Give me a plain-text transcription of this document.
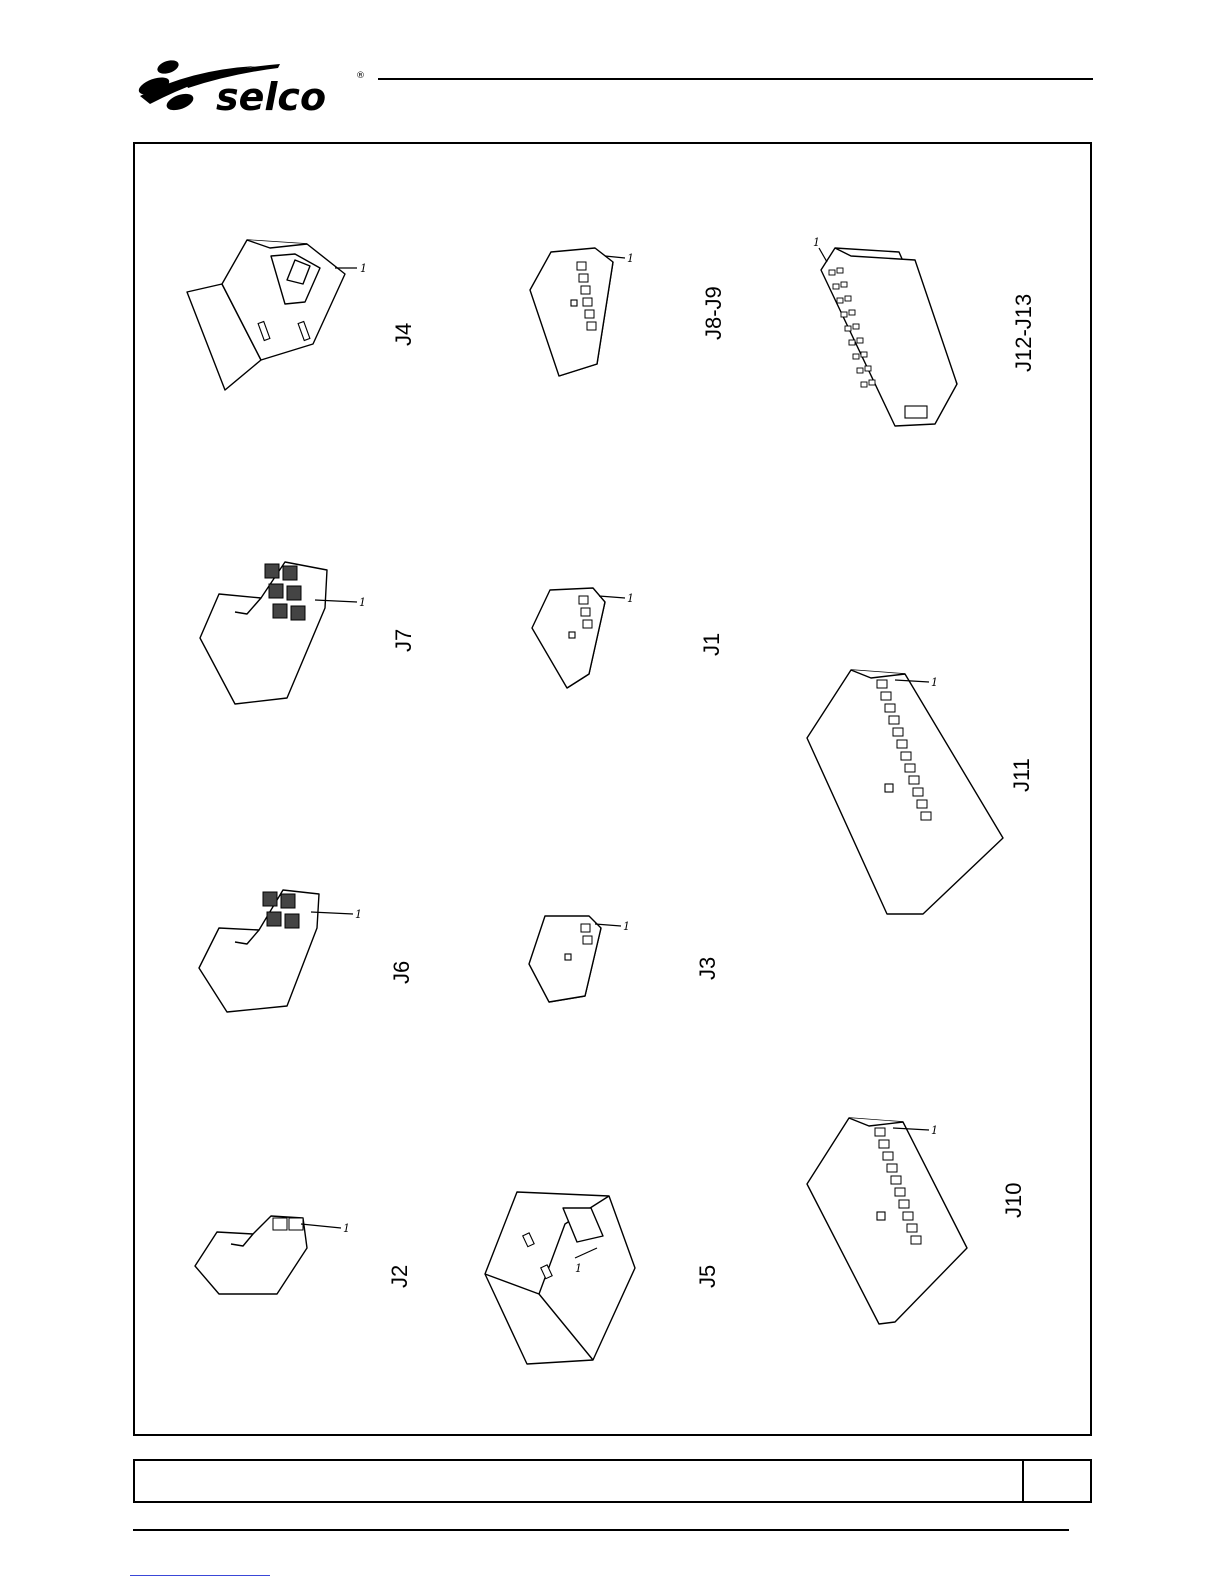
selco	®
1
J4
1
J8-J9
1
J12-J13
1
J7
1
J1
1
J11
1
J6
1
J3
1
J2	1	J5
1
J10
